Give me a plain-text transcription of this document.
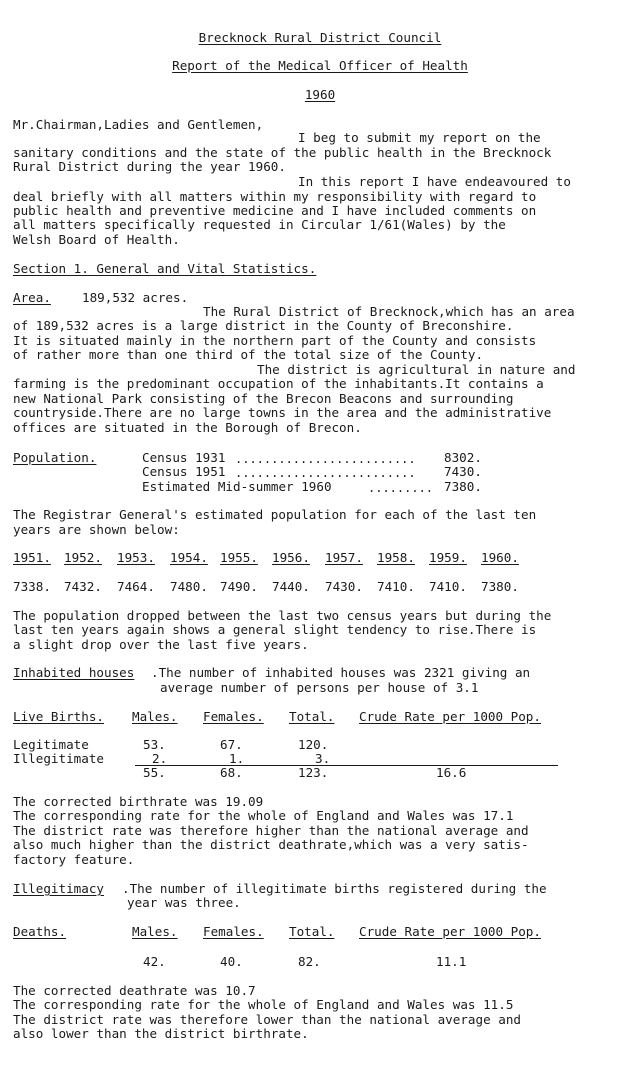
Brecknock Rural District Council
Report of the Medical Officer of Health
1960
Mr.Chairman,Ladies and Gentlemen,
I beg to submit my report on the
sanitary conditions and the state of the public health in the Brecknock
Rural District during the year 1960.
In this report I have endeavoured to
deal briefly with all matters within my responsibility with regard to
public health and preventive medicine and I have included comments on
all matters specifically requested in Circular 1/61(Wales) by the
Welsh Board of Health.
Section 1. General and Vital Statistics.
Area. 189,532 acres.
The Rural District of Brecknock,which has an area
of 189,532 acres is a large district in the County of Breconshire.
It is situated mainly in the northern part of the County and consists
of rather more than one third of the total size of the County.
The district is agricultural in nature and
farming is the predominant occupation of the inhabitants.It contains a
new National Park consisting of the Brecon Beacons and surrounding
countryside.There are no large towns in the area and the administrative
offices are situated in the Borough of Brecon.
Population.	Census 1931	8302.
Census 1951	7430.
Estimated Mid-summer 1960	7380.
.........................
.........................
.........
The Registrar General's estimated population for each of the last ten
years are shown below:
1951. 1952. 1953. 1954. 1955. 1956. 1957. 1958. 1959. 1960.
7338. 7432. 7464. 7480. 7490. 7440. 7430. 7410. 7410. 7380.
The population dropped between the last two census years but during the
last ten years again shows a general slight tendency to rise.There is
a slight drop over the last five years.
Inhabited houses .The number of inhabited houses was 2321 giving an
average number of persons per house of 3.1
Live Births. Males. Females. Total. Crude Rate per 1000 Pop.
Legitimate	53.	67.	120.
Illegitimate	2.	1.	3.
55.	68.	123.	16.6
The corrected birthrate was 19.09
The corresponding rate for the whole of England and Wales was 17.1
The district rate was therefore higher than the national average and
also much higher than the district deathrate,which was a very satis-
factory feature.
Illegitimacy .The number of illegitimate births registered during the
year was three.
Deaths.	Males. Females. Total. Crude Rate per 1000 Pop.
42.	40.	82.	11.1
The corrected deathrate was 10.7
The corresponding rate for the whole of England and Wales was 11.5
The district rate was therefore lower than the national average and
also lower than the district birthrate.
